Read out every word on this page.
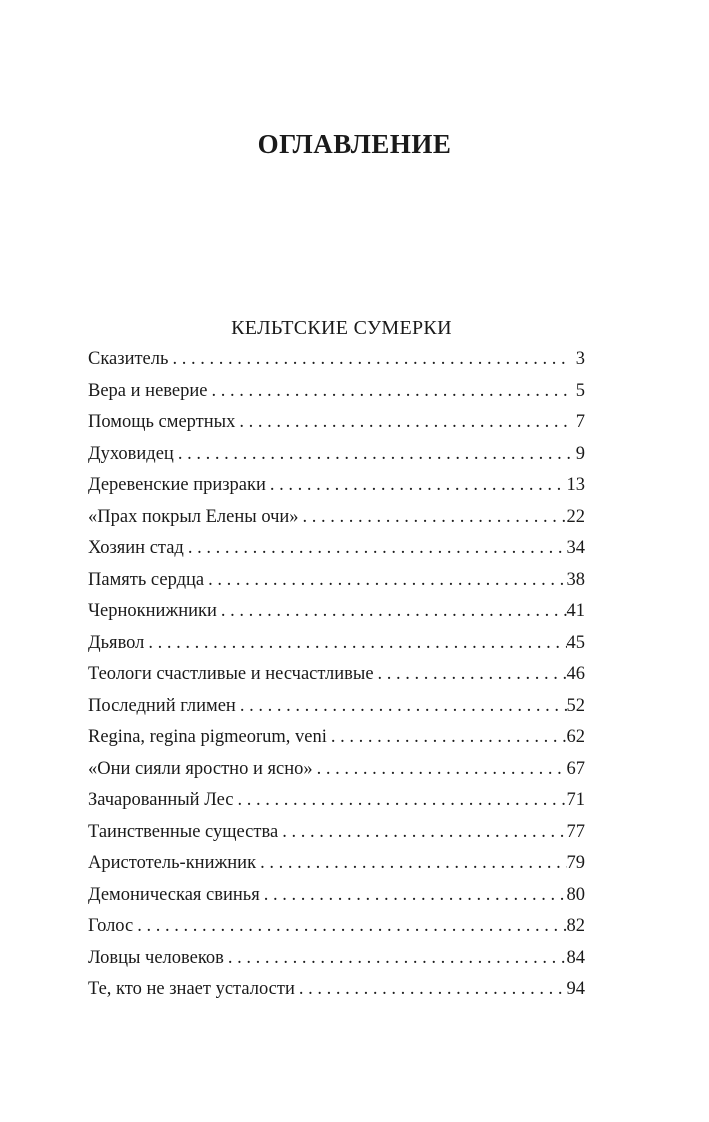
ОГЛАВЛЕНИЕ
КЕЛЬТСКИЕ СУМЕРКИ
Сказитель . . .	3
Вера и неверие . . .	5
Помощь смертных . . .	7
Духовидец . . .	9
Деревенские призраки . . .	13
«Прах покрыл Елены очи» . . .	22
Хозяин стад . . .	34
Память сердца . . .	38
Чернокнижники . . .	41
Дьявол . . .	45
Теологи счастливые и несчастливые . . .	46
Последний глимен . . .	52
Regina, regina pigmeorum, veni . . .	62
«Они сияли яростно и ясно» . . .	67
Зачарованный Лес . . .	71
Таинственные существа . . .	77
Аристотель-книжник . . .	79
Демоническая свинья . . .	80
Голос . . .	82
Ловцы человеков . . .	84
Те, кто не знает усталости . . .	94
